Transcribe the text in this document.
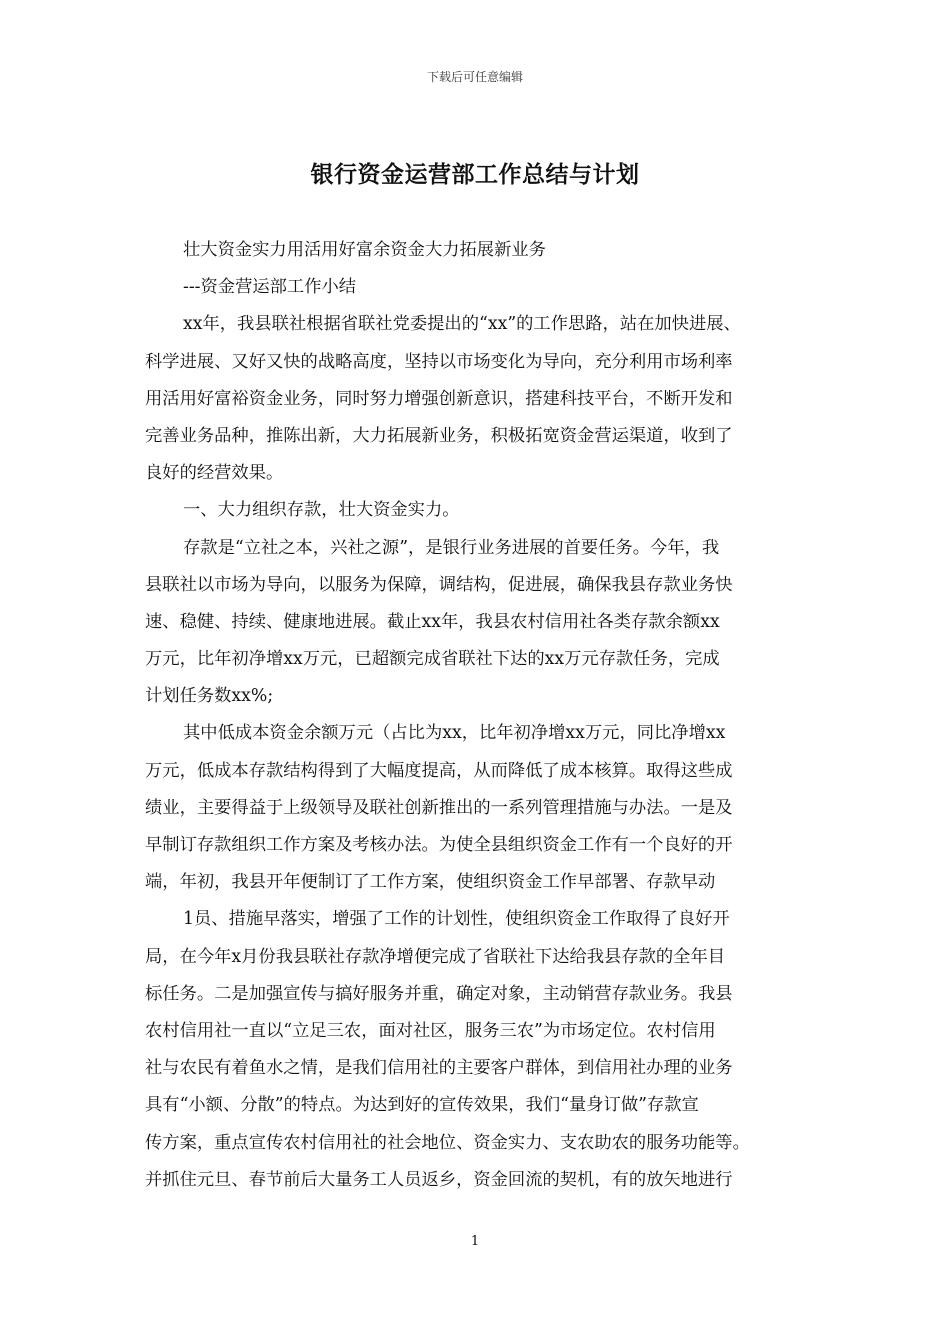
下载后可任意编辑
银行资金运营部工作总结与计划
壮大资金实力用活用好富余资金大力拓展新业务
---资金营运部工作小结
xx年，我县联社根据省联社党委提出的“xx”的工作思路，站在加快进展、
科学进展、又好又快的战略高度，坚持以市场变化为导向，充分利用市场利率
用活用好富裕资金业务，同时努力增强创新意识，搭建科技平台，不断开发和
完善业务品种，推陈出新，大力拓展新业务，积极拓宽资金营运渠道，收到了
良好的经营效果。
一、大力组织存款，壮大资金实力。
存款是“立社之本，兴社之源”，是银行业务进展的首要任务。今年，我
县联社以市场为导向，以服务为保障，调结构，促进展，确保我县存款业务快
速、稳健、持续、健康地进展。截止xx年，我县农村信用社各类存款余额xx
万元，比年初净增xx万元，已超额完成省联社下达的xx万元存款任务，完成
计划任务数xx%;
其中低成本资金余额万元（占比为xx，比年初净增xx万元，同比净增xx
万元，低成本存款结构得到了大幅度提高，从而降低了成本核算。取得这些成
绩业，主要得益于上级领导及联社创新推出的一系列管理措施与办法。一是及
早制订存款组织工作方案及考核办法。为使全县组织资金工作有一个良好的开
端，年初，我县开年便制订了工作方案，使组织资金工作早部署、存款早动
1员、措施早落实，增强了工作的计划性，使组织资金工作取得了良好开
局，在今年x月份我县联社存款净增便完成了省联社下达给我县存款的全年目
标任务。二是加强宣传与搞好服务并重，确定对象，主动销营存款业务。我县
农村信用社一直以“立足三农，面对社区，服务三农”为市场定位。农村信用
社与农民有着鱼水之情，是我们信用社的主要客户群体，到信用社办理的业务
具有“小额、分散”的特点。为达到好的宣传效果，我们“量身订做”存款宣
传方案，重点宣传农村信用社的社会地位、资金实力、支农助农的服务功能等。
并抓住元旦、春节前后大量务工人员返乡，资金回流的契机，有的放矢地进行
1
